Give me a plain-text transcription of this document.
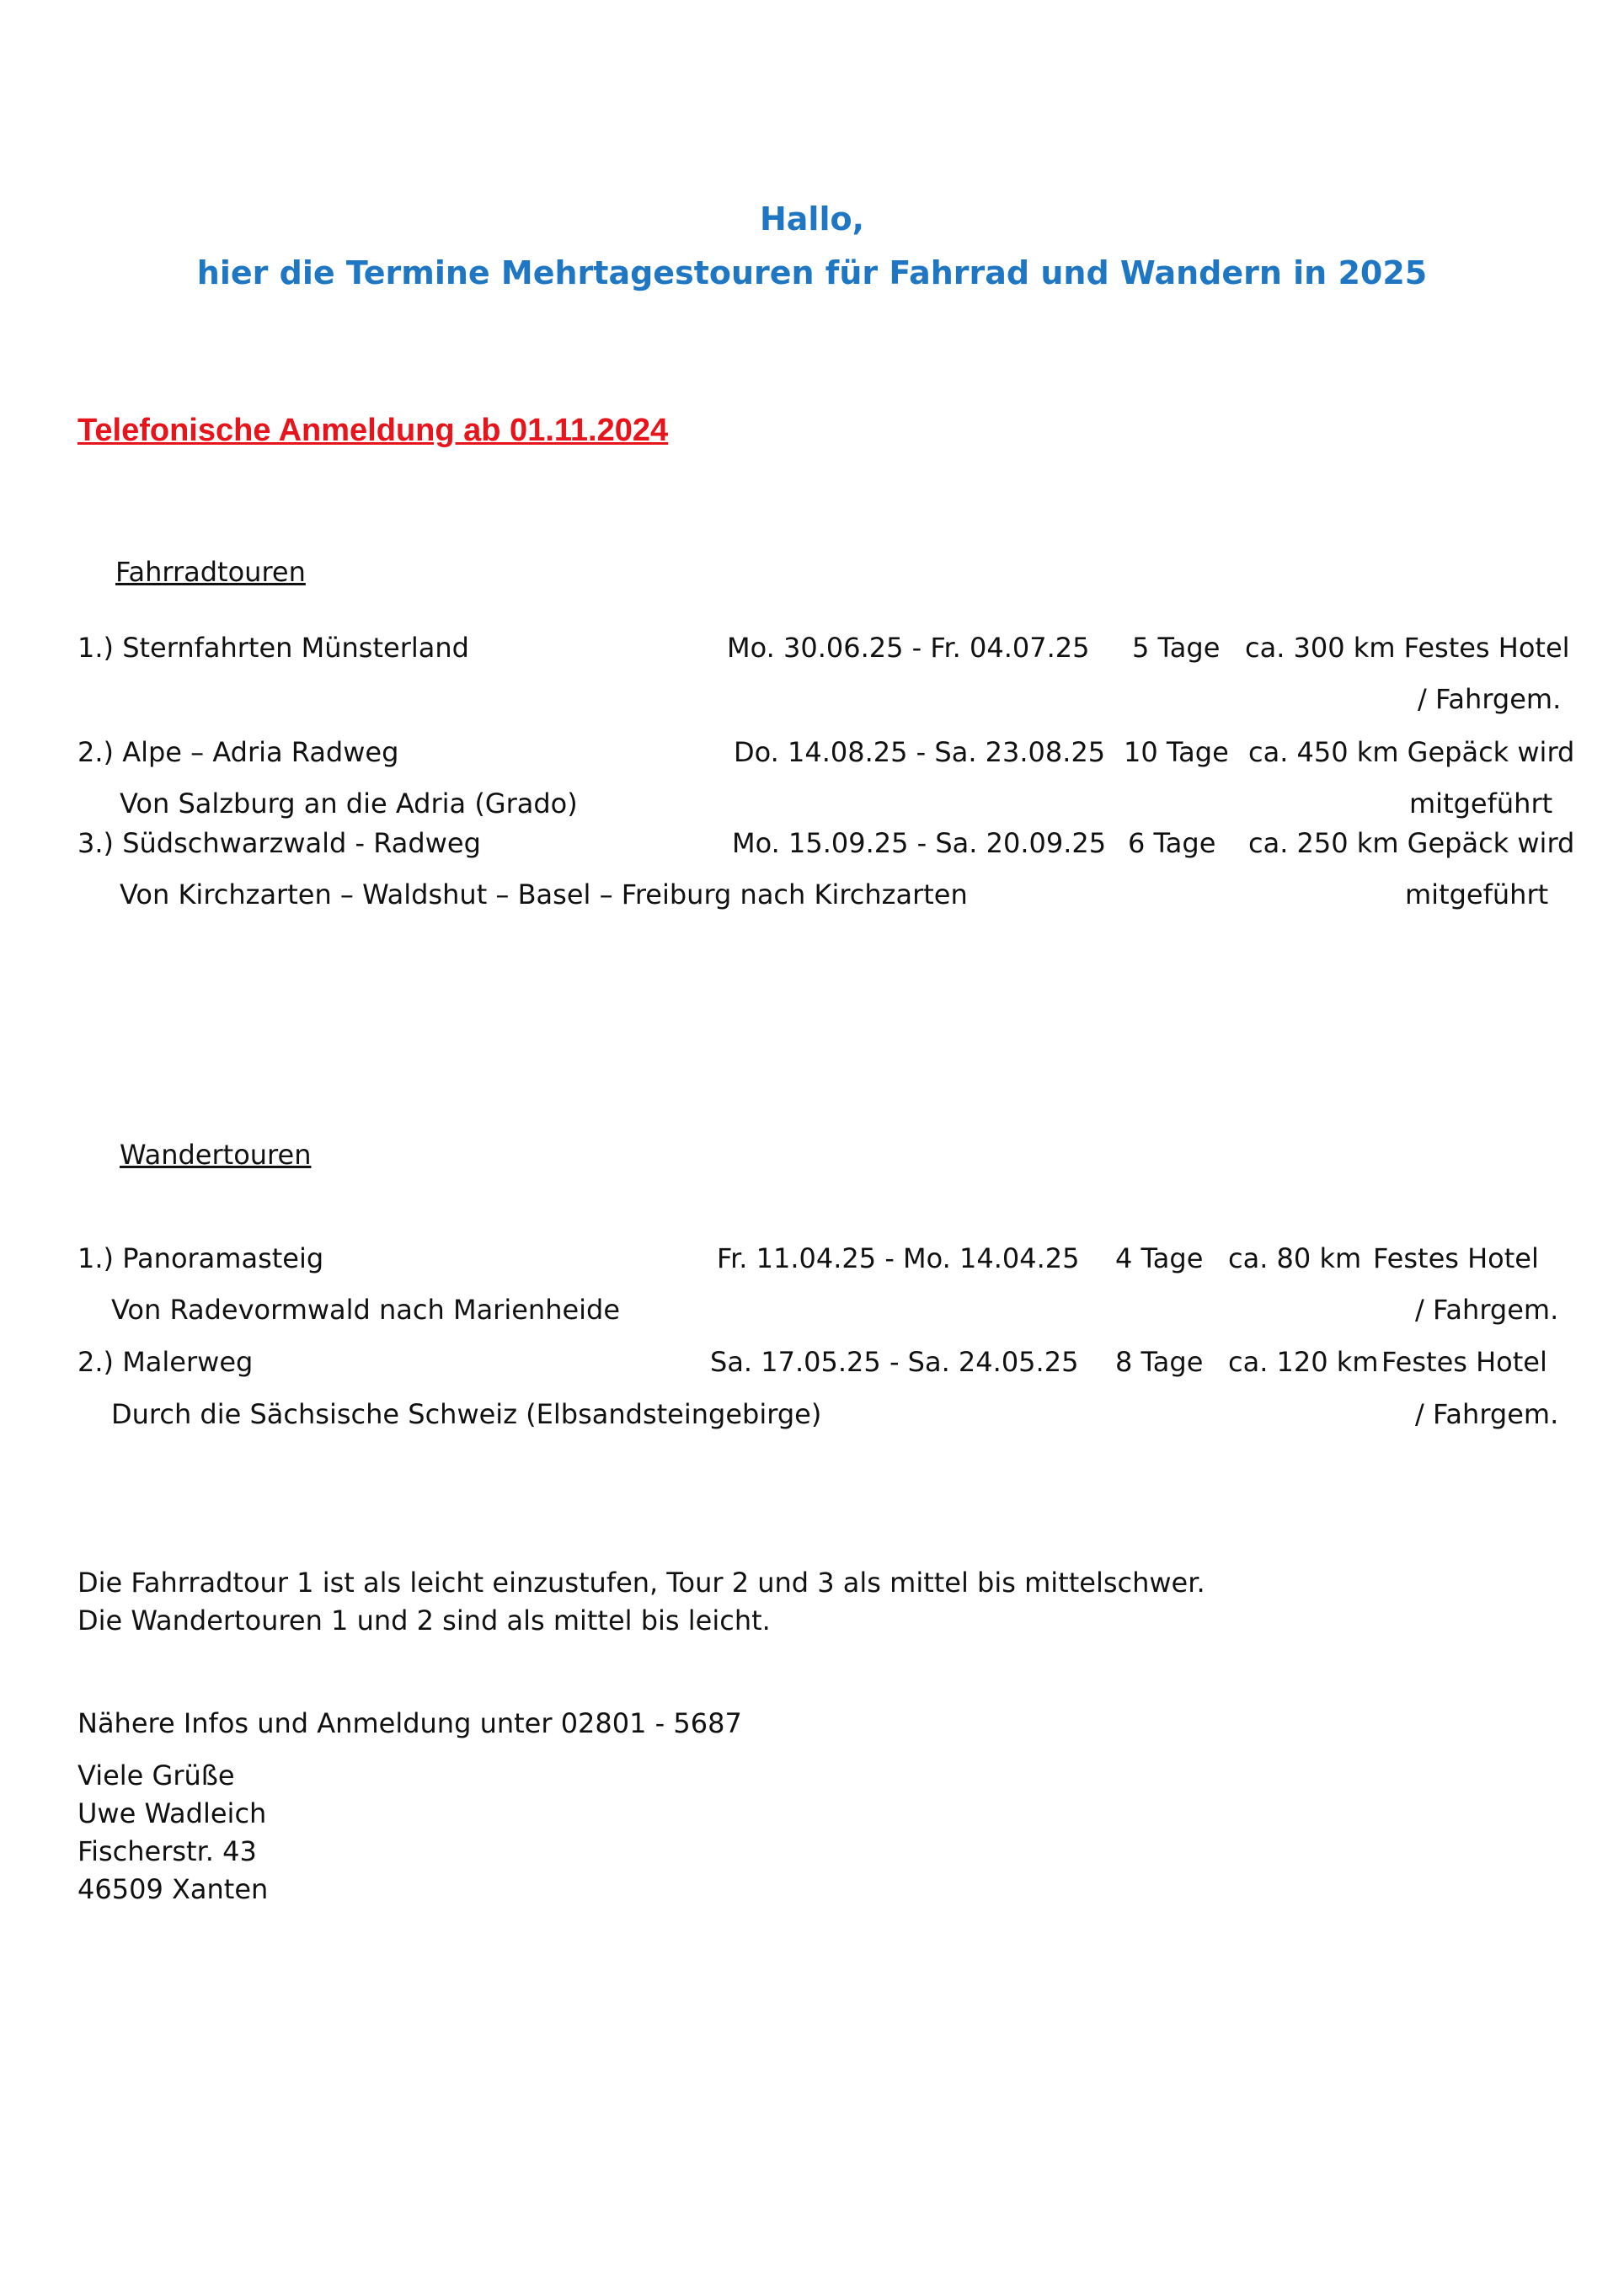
Hallo,
hier die Termine Mehrtagestouren für Fahrrad und Wandern in 2025
Telefonische Anmeldung ab 01.11.2024
Fahrradtouren
1.) Sternfahrten Münsterland	Mo. 30.06.25 - Fr. 04.07.25 5 Tage ca. 300 km Festes Hotel
/ Fahrgem.
2.) Alpe – Adria Radweg	Do. 14.08.25 - Sa. 23.08.25 10 Tage ca. 450 km Gepäck wird
Von Salzburg an die Adria (Grado)	mitgeführt
3.) Südschwarzwald - Radweg	Mo. 15.09.25 - Sa. 20.09.25 6 Tage ca. 250 km Gepäck wird
Von Kirchzarten – Waldshut – Basel – Freiburg nach Kirchzarten	mitgeführt
Wandertouren
1.) Panoramasteig	Fr. 11.04.25 - Mo. 14.04.25 4 Tage ca. 80 km Festes Hotel
Von Radevormwald nach Marienheide	/ Fahrgem.
2.) Malerweg	Sa. 17.05.25 - Sa. 24.05.25 8 Tage ca. 120 km Festes Hotel
Durch die Sächsische Schweiz (Elbsandsteingebirge)	/ Fahrgem.
Die Fahrradtour 1 ist als leicht einzustufen, Tour 2 und 3 als mittel bis mittelschwer.
Die Wandertouren 1 und 2 sind als mittel bis leicht.
Nähere Infos und Anmeldung unter 02801 - 5687
Viele Grüße
Uwe Wadleich
Fischerstr. 43
46509 Xanten
